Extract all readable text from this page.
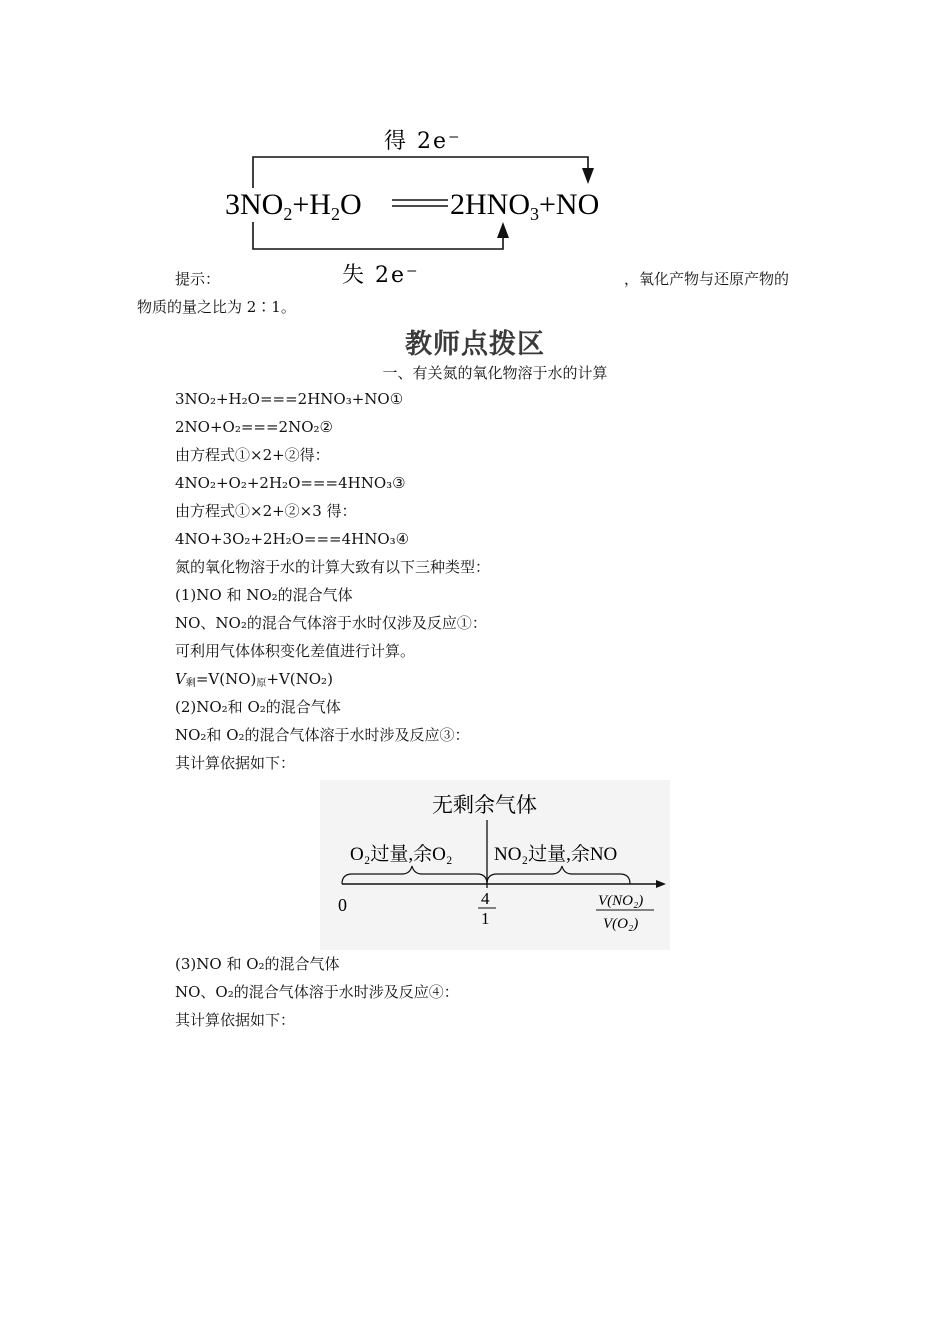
得 2e⁻
$3NO_2+H_2O$	$2HNO_3+NO$
失 2e⁻
提示：	，氧化产物与还原产物的
物质的量之比为 2∶1。
教师点拨区
一、有关氮的氧化物溶于水的计算
3NO₂+H₂O===2HNO₃+NO①
2NO+O₂===2NO₂②
由方程式①×2+②得：
4NO₂+O₂+2H₂O===4HNO₃③
由方程式①×2+②×3 得：
4NO+3O₂+2H₂O===4HNO₃④
氮的氧化物溶于水的计算大致有以下三种类型：
(1)NO 和 NO₂的混合气体
NO、NO₂的混合气体溶于水时仅涉及反应①：
可利用气体体积变化差值进行计算。
$V_剩=V(NO)_原+V(NO_2)$
(2)NO₂和 O₂的混合气体
NO₂和 O₂的混合气体溶于水时涉及反应③：
其计算依据如下：
无剩余气体
O₂过量,余O₂ NO₂过量,余NO
0	4
1
V(NO₂)
V(O₂)
(3)NO 和 O₂的混合气体
NO、O₂的混合气体溶于水时涉及反应④：
其计算依据如下：
